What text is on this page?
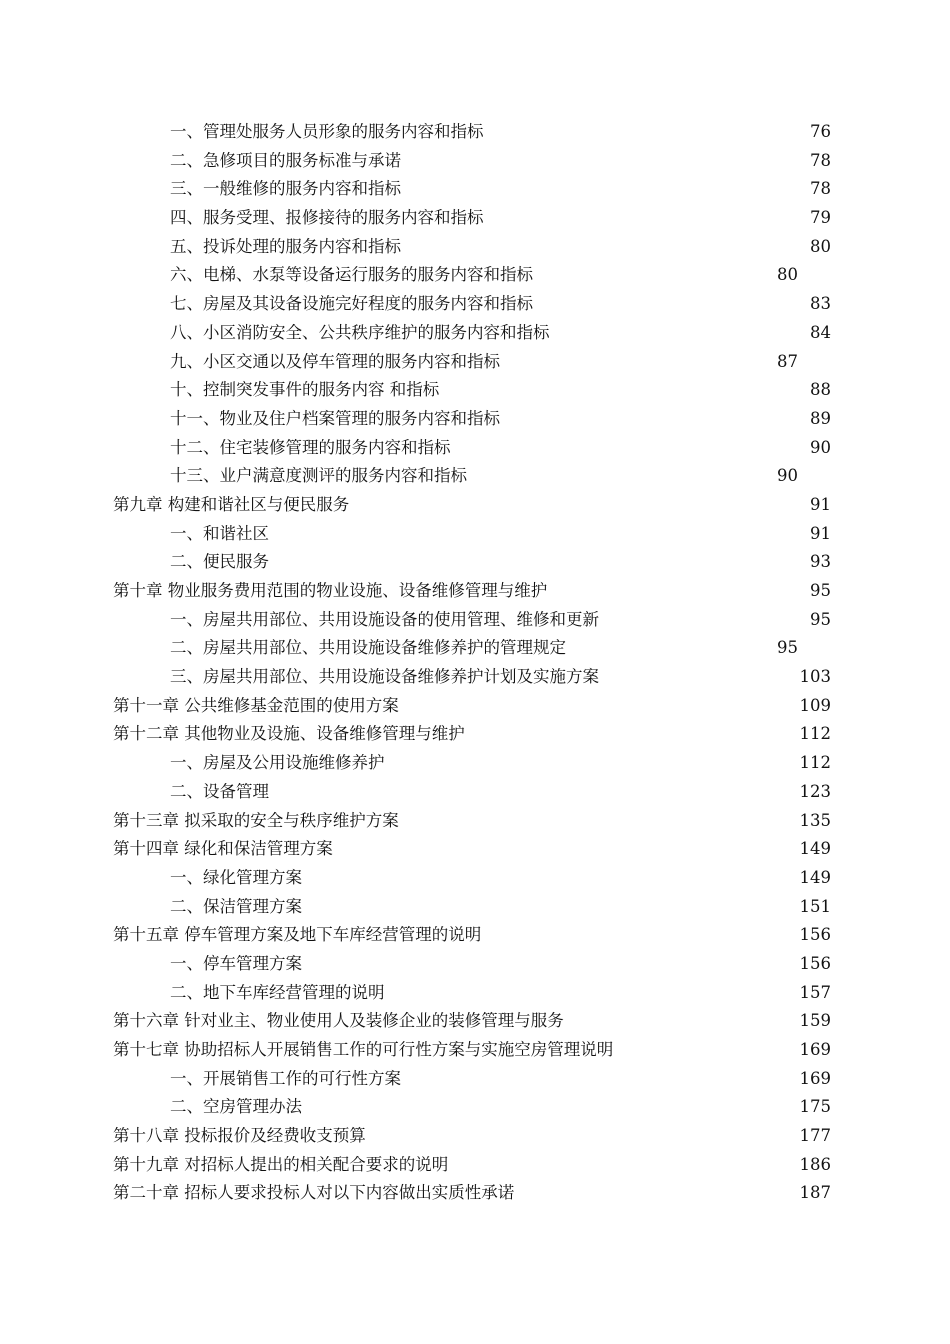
一、管理处服务人员形象的服务内容和指标	76
二、急修项目的服务标准与承诺	78
三、一般维修的服务内容和指标	78
四、服务受理、报修接待的服务内容和指标	79
五、投诉处理的服务内容和指标	80
六、电梯、水泵等设备运行服务的服务内容和指标	80
七、房屋及其设备设施完好程度的服务内容和指标	83
八、小区消防安全、公共秩序维护的服务内容和指标	84
九、小区交通以及停车管理的服务内容和指标	87
十、控制突发事件的服务内容 和指标	88
十一、物业及住户档案管理的服务内容和指标	89
十二、住宅装修管理的服务内容和指标	90
十三、业户满意度测评的服务内容和指标	90
第九章 构建和谐社区与便民服务	91
一、和谐社区	91
二、便民服务	93
第十章 物业服务费用范围的物业设施、设备维修管理与维护	95
一、房屋共用部位、共用设施设备的使用管理、维修和更新	95
二、房屋共用部位、共用设施设备维修养护的管理规定	95
三、房屋共用部位、共用设施设备维修养护计划及实施方案	103
第十一章 公共维修基金范围的使用方案	109
第十二章 其他物业及设施、设备维修管理与维护	112
一、房屋及公用设施维修养护	112
二、设备管理	123
第十三章 拟采取的安全与秩序维护方案	135
第十四章 绿化和保洁管理方案	149
一、绿化管理方案	149
二、保洁管理方案	151
第十五章 停车管理方案及地下车库经营管理的说明	156
一、停车管理方案	156
二、地下车库经营管理的说明	157
第十六章 针对业主、物业使用人及装修企业的装修管理与服务	159
第十七章 协助招标人开展销售工作的可行性方案与实施空房管理说明	169
一、开展销售工作的可行性方案	169
二、空房管理办法	175
第十八章 投标报价及经费收支预算	177
第十九章 对招标人提出的相关配合要求的说明	186
第二十章 招标人要求投标人对以下内容做出实质性承诺	187
